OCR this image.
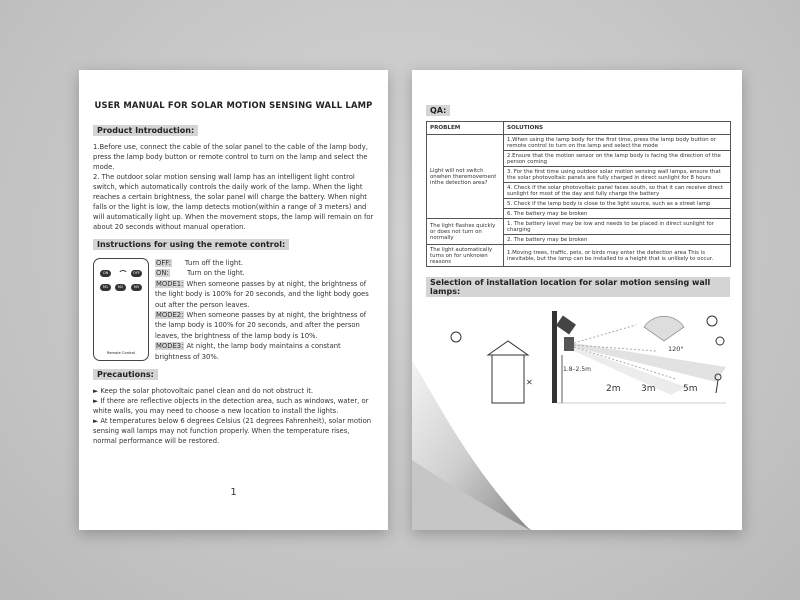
USER MANUAL FOR SOLAR MOTION SENSING WALL LAMP
Product Introduction:
1.Before use, connect the cable of the solar panel to the cable of the lamp body, press the lamp body button or remote control to turn on the lamp and select the mode.
2. The outdoor solar motion sensing wall lamp has an intelligent light control switch, which automatically controls the daily work of the lamp. When the light reaches a certain brightness, the solar panel will charge the battery. When night falls or the light is low, the lamp detects motion(within a range of 3 meters) and will automatically light up. When the movement stops, the lamp will remain on for about 20 seconds without manual operation.
Instructions for using the remote control:
ON	OFF
M1	M2	M3
Remote Control
OFF: Turn off the light.
ON:	Turn on the light.
MODE1: When someone passes by at night, the brightness of the light body is 100% for 20 seconds, and the light body goes out after the person leaves.
MODE2: When someone passes by at night, the brightness of the lamp body is 100% for 20 seconds, and after the person leaves, the brightness of the lamp body is 10%.
MODE3: At night, the lamp body maintains a constant brightness of 30%.
Precautions:
► Keep the solar photovoltaic panel clean and do not obstruct it.
► If there are reflective objects in the detection area, such as windows, water, or white walls, you may need to choose a new location to install the lights.
► At temperatures below 6 degrees Celsius (21 degrees Fahrenheit), solar motion sensing wall lamps may not function properly. When the temperature rises, normal performance will be restored.
1
QA:
PROBLEM	SOLUTIONS
Light will not switch onwhen theremovement inthe detection area?	1.When using the lamp body for the first time, press the lamp body button or remote control to turn on the lamp and select the mode
	2.Ensure that the motion sensor on the lamp body is facing the direction of the person coming
	3. For the first time using outdoor solar motion sensing wall lamps, ensure that the solar photovoltaic panels are fully charged in direct sunlight for 8 hours
	4. Check if the solar photovoltaic panel faces south, so that it can receive direct sunlight for most of the day and fully charge the battery
	5. Check if the lamp body is close to the light source, such as a street lamp
	6. The battery may be broken
The light flashes quickly or does not turn on normally	1. The battery level may be low and needs to be placed in direct sunlight for charging
	2. The battery may be broken
The light automatically turns on for unknown reasons	1.Moving trees, traffic, pets, or birds may enter the detection area This is inevitable, but the lamp can be installed to a height that is unlikely to occur.
Selection of installation location for solar motion sensing wall lamps:
✕
120°
1.8–2.5m
2m 3m	5m
